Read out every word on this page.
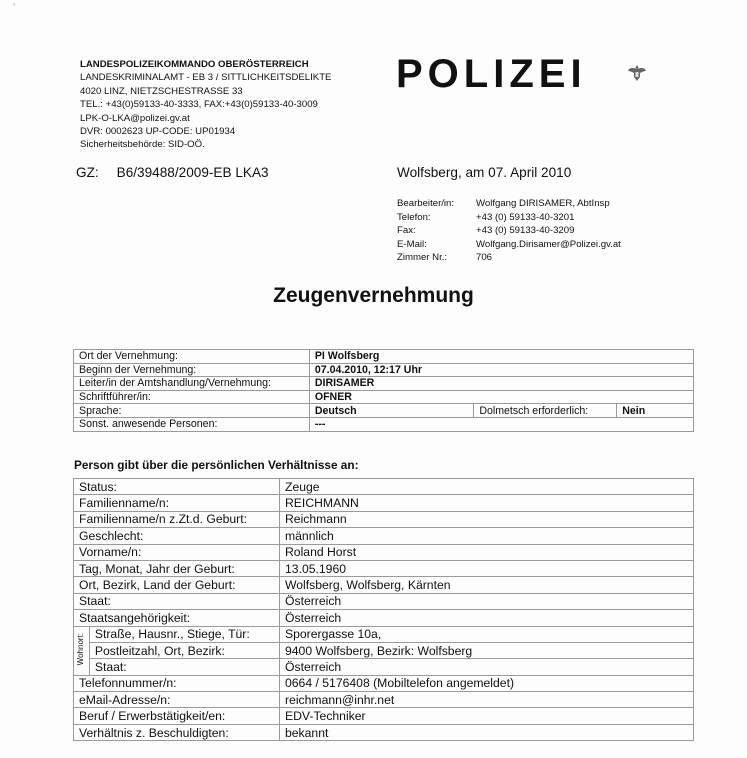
‘
LANDESPOLIZEIKOMMANDO OBERÖSTERREICH
LANDESKRIMINALAMT - EB 3 / SITTLICHKEITSDELIKTE
4020 LINZ, NIETZSCHESTRASSE 33
TEL.: +43(0)59133-40-3333, FAX:+43(0)59133-40-3009
LPK-O-LKA@polizei.gv.at
DVR: 0002623 UP-CODE: UP01934
Sicherheitsbehörde: SID-OÖ.
POLIZEI
GZ: B6/39488/2009-EB LKA3	Wolfsberg, am 07. April 2010
Bearbeiter/in: Wolfgang DIRISAMER, AbtInsp
Telefon:	+43 (0) 59133-40-3201
Fax:	+43 (0) 59133-40-3209
E-Mail:	Wolfgang.Dirisamer@Polizei.gv.at
Zimmer Nr.:	706
Zeugenvernehmung
Ort der Vernehmung:	PI Wolfsberg		
Beginn der Vernehmung:	07.04.2010, 12:17 Uhr		
Leiter/in der Amtshandlung/Vernehmung:	DIRISAMER		
Schriftführer/in:	OFNER		
Sprache:	Deutsch	Dolmetsch erforderlich:	Nein
Sonst. anwesende Personen:	---		
Person gibt über die persönlichen Verhältnisse an:
Status:		Zeuge
Familienname/n:		REICHMANN
Familienname/n z.Zt.d. Geburt:		Reichmann
Geschlecht:		männlich
Vorname/n:		Roland Horst
Tag, Monat, Jahr der Geburt:		13.05.1960
Ort, Bezirk, Land der Geburt:		Wolfsberg, Wolfsberg, Kärnten
Staat:		Österreich
Staatsangehörigkeit:		Österreich
Wohnort:	Straße, Hausnr., Stiege, Tür:	Sporergasse 10a,
	Postleitzahl, Ort, Bezirk:	9400 Wolfsberg, Bezirk: Wolfsberg
	Staat:	Österreich
Telefonnummer/n:		0664 / 5176408 (Mobiltelefon angemeldet)
eMail-Adresse/n:		reichmann@inhr.net
Beruf / Erwerbstätigkeit/en:		EDV-Techniker
Verhältnis z. Beschuldigten:		bekannt
